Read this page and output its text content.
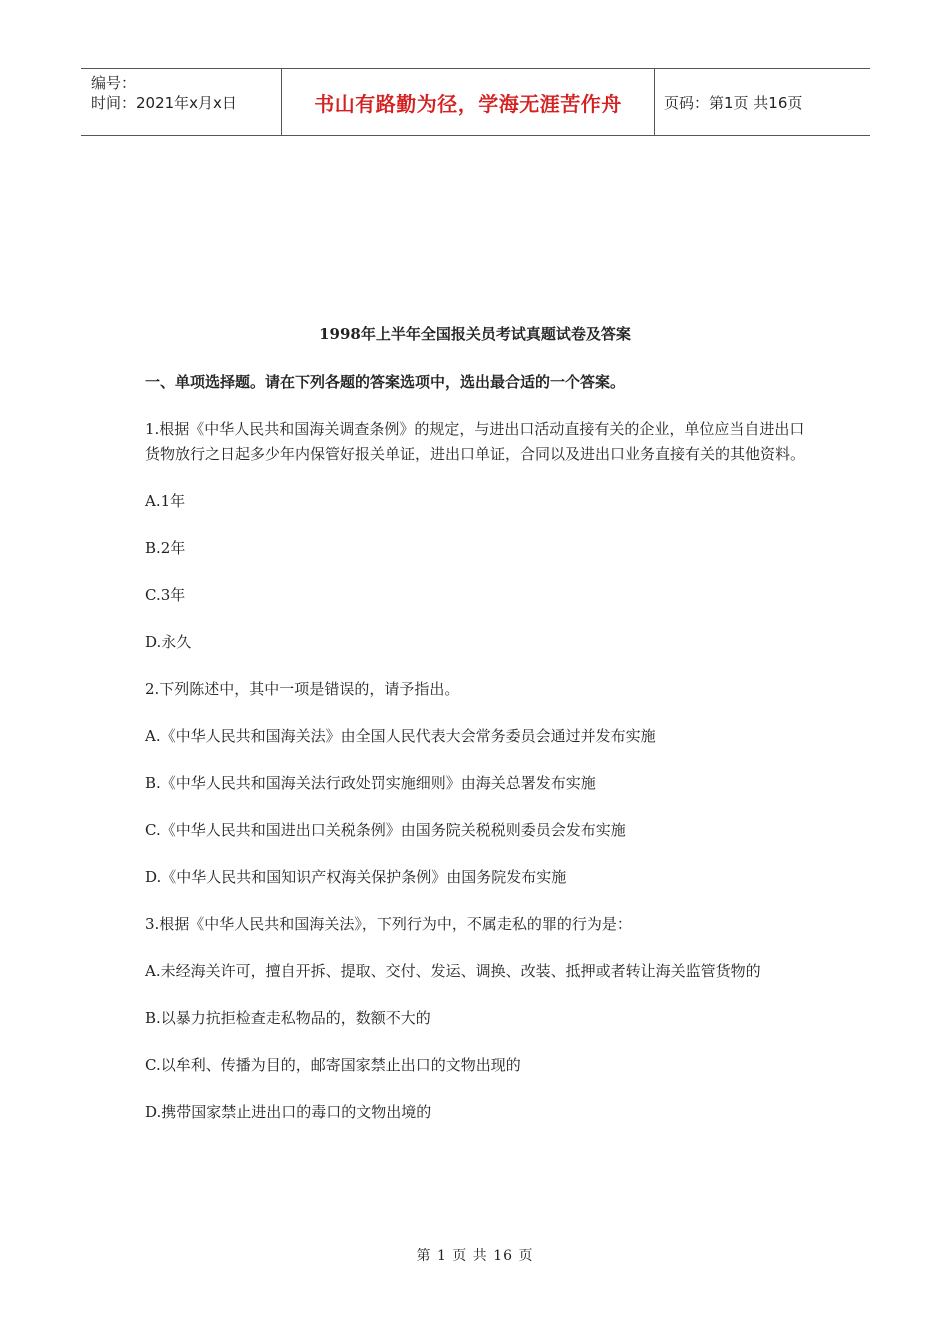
编号：
时间：2021年x月x日	书山有路勤为径，学海无涯苦作舟	页码：第1页 共16页
1998年上半年全国报关员考试真题试卷及答案
一、单项选择题。请在下列各题的答案选项中，选出最合适的一个答案。
1.根据《中华人民共和国海关调查条例》的规定，与进出口活动直接有关的企业，单位应当自进出口货物放行之日起多少年内保管好报关单证，进出口单证，合同以及进出口业务直接有关的其他资料。
A.1年
B.2年
C.3年
D.永久
2.下列陈述中，其中一项是错误的，请予指出。
A.《中华人民共和国海关法》由全国人民代表大会常务委员会通过并发布实施
B.《中华人民共和国海关法行政处罚实施细则》由海关总署发布实施
C.《中华人民共和国进出口关税条例》由国务院关税税则委员会发布实施
D.《中华人民共和国知识产权海关保护条例》由国务院发布实施
3.根据《中华人民共和国海关法》，下列行为中，不属走私的罪的行为是：
A.未经海关许可，擅自开拆、提取、交付、发运、调换、改装、抵押或者转让海关监管货物的
B.以暴力抗拒检查走私物品的，数额不大的
C.以牟利、传播为目的，邮寄国家禁止出口的文物出现的
D.携带国家禁止进出口的毒口的文物出境的
第 1 页 共 16 页
